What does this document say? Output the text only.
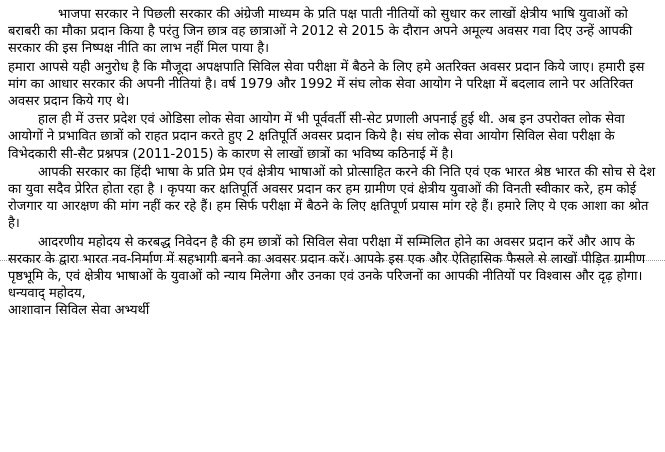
भाजपा सरकार ने पिछली सरकार की अंग्रेजी माध्यम के प्रति पक्ष पाती नीतियों को सुधार कर लाखों क्षेत्रीय भाषि युवाओं को बराबरी का मौका प्रदान किया है परंतु जिन छात्र वह छात्राओं ने 2012 से 2015 के दौरान अपने अमूल्य अवसर गवा दिए उन्हें आपकी सरकार की इस निष्पक्ष नीति का लाभ नहीं मिल पाया है।

हमारा आपसे यही अनुरोध है कि मौजूदा अपक्षपाति सिविल सेवा परीक्षा में बैठने के लिए हमे अतरिक्त अवसर प्रदान किये जाए। हमारी इस मांग का आधार सरकार की अपनी नीतियां है। वर्ष 1979 और 1992 में संघ लोक सेवा आयोग ने परिक्षा में बदलाव लाने पर अतिरिक्त अवसर प्रदान किये गए थे।

हाल ही में उत्तर प्रदेश एवं ओडिसा लोक सेवा आयोग में भी पूर्ववर्ती सी-सेट प्रणाली अपनाई हुई थी. अब इन उपरोक्त लोक सेवा आयोगों ने प्रभावित छात्रों को राहत प्रदान करते हुए 2 क्षतिपूर्ति अवसर प्रदान किये है। संघ लोक सेवा आयोग सिविल सेवा परीक्षा के विभेदकारी सी-सैट प्रश्नपत्र (2011-2015) के कारण से लाखों छात्रों का भविष्य कठिनाई में है।

आपकी सरकार का हिंदी भाषा के प्रति प्रेम एवं क्षेत्रीय भाषाओं को प्रोत्साहित करने की निति एवं एक भारत श्रेष्ठ भारत की सोच से देश का युवा सदैव प्रेरित होता रहा है । कृपया कर क्षतिपूर्ति अवसर प्रदान कर हम ग्रामीण एवं क्षेत्रीय युवाओं की विनती स्वीकार करे, हम कोई रोजगार या आरक्षण की मांग नहीं कर रहे हैं। हम सिर्फ परीक्षा में बैठने के लिए क्षतिपूर्ण प्रयास मांग रहे हैं। हमारे लिए ये एक आशा का श्रोत है।

आदरणीय महोदय से करबद्ध निवेदन है की हम छात्रों को सिविल सेवा परीक्षा में सम्मिलित होने का अवसर प्रदान करें और आप के सरकार के द्वारा भारत नव-निर्माण में सहभागी बनने का अवसर प्रदान करें। आपके इस एक और ऐतिहासिक फैसले से लाखों पीड़ित ग्रामीण पृष्ठभूमि के, एवं क्षेत्रीय भाषाओं के युवाओं को न्याय मिलेगा और उनका एवं उनके परिजनों का आपकी नीतियों पर विश्वास और दृढ़ होगा।

धन्यवाद् महोदय,

आशावान सिविल सेवा अभ्यर्थी
